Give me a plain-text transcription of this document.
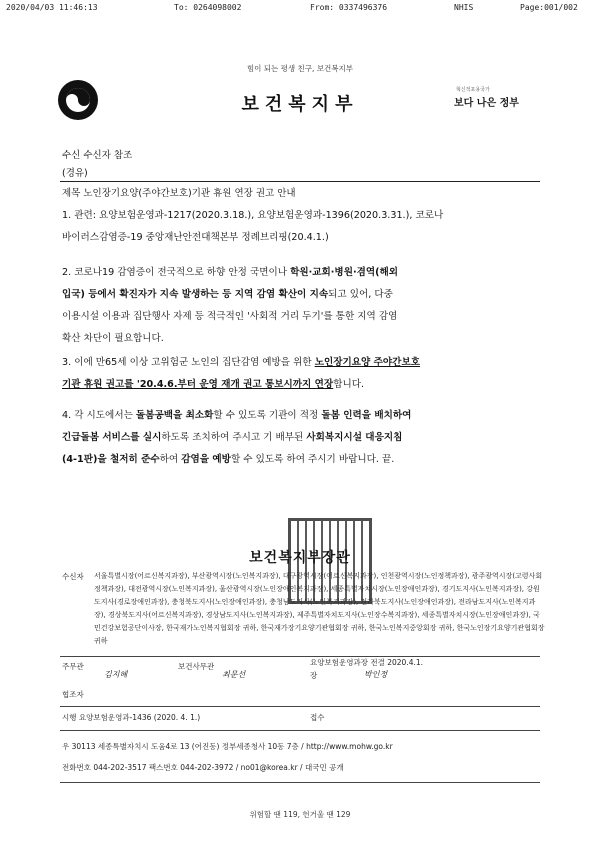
2020/04/03 11:46:13	To: 0264098002	From: 0337496376	NHIS	Page:001/002
힘이 되는 평생 친구, 보건복지부
보건복지부
혁신적포용국가
보다 나은 정부
수신 수신자 참조
(경유)
제목 노인장기요양(주야간보호)기관 휴원 연장 권고 안내
1. 관련: 요양보험운영과-1217(2020.3.18.), 요양보험운영과-1396(2020.3.31.), 코로나
바이러스감염증-19 중앙재난안전대책본부 정례브리핑(20.4.1.)
2. 코로나19 감염증이 전국적으로 하향 안정 국면이나 학원·교회·병원·겸역(해외
입국) 등에서 확진자가 지속 발생하는 등 지역 감염 확산이 지속되고 있어, 다중
이용시설 이용과 집단행사 자제 등 적극적인 '사회적 거리 두기'를 통한 지역 감염
확산 차단이 필요합니다.
3. 이에 만65세 이상 고위험군 노인의 집단감염 예방을 위한 노인장기요양 주야간보호
기관 휴원 권고를 '20.4.6.부터 운영 재개 권고 통보시까지 연장합니다.
4. 각 시도에서는 돌봄공백을 최소화할 수 있도록 기관이 적정 돌봄 인력을 배치하여
긴급돌봄 서비스를 실시하도록 조치하여 주시고 기 배부된 사회복지시설 대응지침
(4-1판)을 철저히 준수하여 감염을 예방할 수 있도록 하여 주시기 바랍니다. 끝.
보건복지부장관
수신자 서울특별시장(어르신복지과장), 부산광역시장(노인복지과장), 대구광역시장(어르신복지과장), 인천광역시장(노인정책과장), 광주광역시장(고령사회정책과장), 대전광역시장(노인복지과장), 울산광역시장(노인장애인복지과장), 세종특별자치시장(노인장애인과장), 경기도지사(노인복지과장), 강원도지사(경로장애인과장), 충청북도지사(노인장애인과장), 충청남도지사(노인복지과장), 전라북도지사(노인장애인과장), 전라남도지사(노인복지과장), 경상북도지사(어르신복지과장), 경상남도지사(노인복지과장), 제주특별자치도지사(노인장수복지과장), 세종특별자치시장(노인장애인과장), 국민건강보험공단이사장, 한국재가노인복지협회장 귀하, 한국재가장기요양기관협회장 귀하, 한국노인복지중앙회장 귀하, 한국노인장기요양기관협회장 귀하
주무관
김지혜
보건사무관
최문선
요양보험운영과장 전결 2020.4.1.
장	박인정
협조자
시행 요양보험운영과-1436 (2020. 4. 1.)	접수
우 30113 세종특별자치시 도움4로 13 (어진동) 정부세종청사 10동 7층 / http://www.mohw.go.kr
전화번호 044-202-3517 팩스번호 044-202-3972 / no01@korea.kr / 대국민 공개
위험할 땐 119, 헌거울 땐 129
